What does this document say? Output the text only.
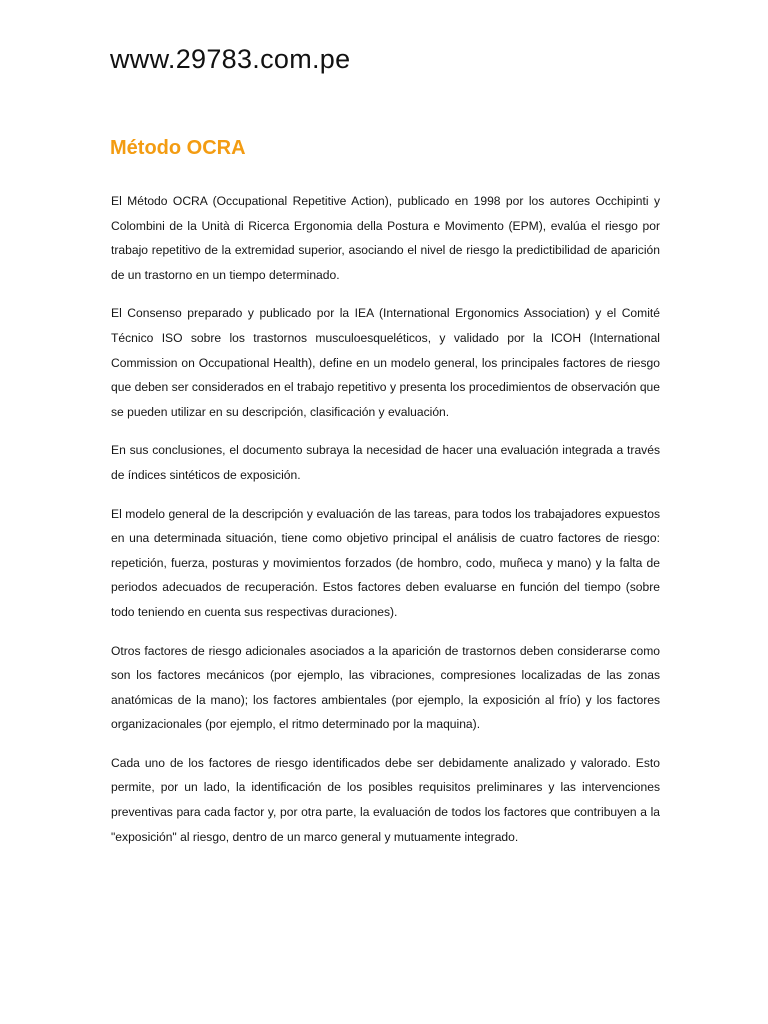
www.29783.com.pe
Método OCRA

El Método OCRA (Occupational Repetitive Action), publicado en 1998 por los autores Occhipinti y Colombini de la Unità di Ricerca Ergonomia della Postura e Movimento (EPM), evalúa el riesgo por trabajo repetitivo de la extremidad superior, asociando el nivel de riesgo la predictibilidad de aparición de un trastorno en un tiempo determinado.

El Consenso preparado y publicado por la IEA (International Ergonomics Association) y el Comité Técnico ISO sobre los trastornos musculoesqueléticos, y validado por la ICOH (International Commission on Occupational Health), define en un modelo general, los principales factores de riesgo que deben ser considerados en el trabajo repetitivo y presenta los procedimientos de observación que se pueden utilizar en su descripción, clasificación y evaluación.

En sus conclusiones, el documento subraya la necesidad de hacer una evaluación integrada a través de índices sintéticos de exposición.

El modelo general de la descripción y evaluación de las tareas, para todos los trabajadores expuestos en una determinada situación, tiene como objetivo principal el análisis de cuatro factores de riesgo: repetición, fuerza, posturas y movimientos forzados (de hombro, codo, muñeca y mano) y la falta de periodos adecuados de recuperación. Estos factores deben evaluarse en función del tiempo (sobre todo teniendo en cuenta sus respectivas duraciones).

Otros factores de riesgo adicionales asociados a la aparición de trastornos deben considerarse como son los factores mecánicos (por ejemplo, las vibraciones, compresiones localizadas de las zonas anatómicas de la mano); los factores ambientales (por ejemplo, la exposición al frío) y los factores organizacionales (por ejemplo, el ritmo determinado por la maquina).

Cada uno de los factores de riesgo identificados debe ser debidamente analizado y valorado. Esto permite, por un lado, la identificación de los posibles requisitos preliminares y las intervenciones preventivas para cada factor y, por otra parte, la evaluación de todos los factores que contribuyen a la "exposición" al riesgo, dentro de un marco general y mutuamente integrado.
